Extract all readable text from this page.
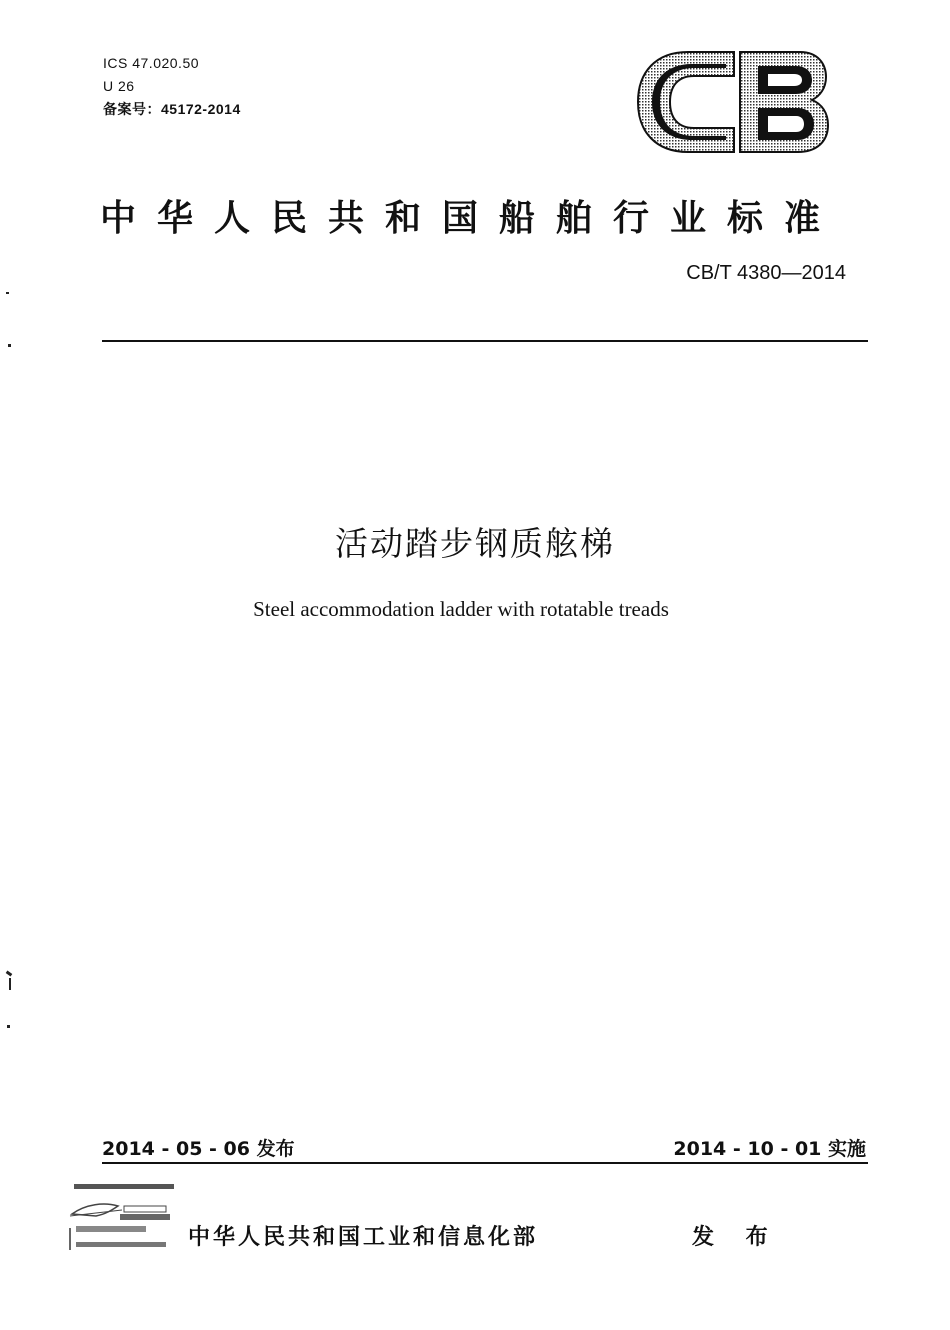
ICS 47.020.50
U 26
备案号：45172-2014
中华人民共和国船舶行业标准
CB/T 4380—2014
活动踏步钢质舷梯
Steel accommodation ladder with rotatable treads
2014 - 05 - 06 发布	2014 - 10 - 01 实施
中华人民共和国工业和信息化部	发 布
